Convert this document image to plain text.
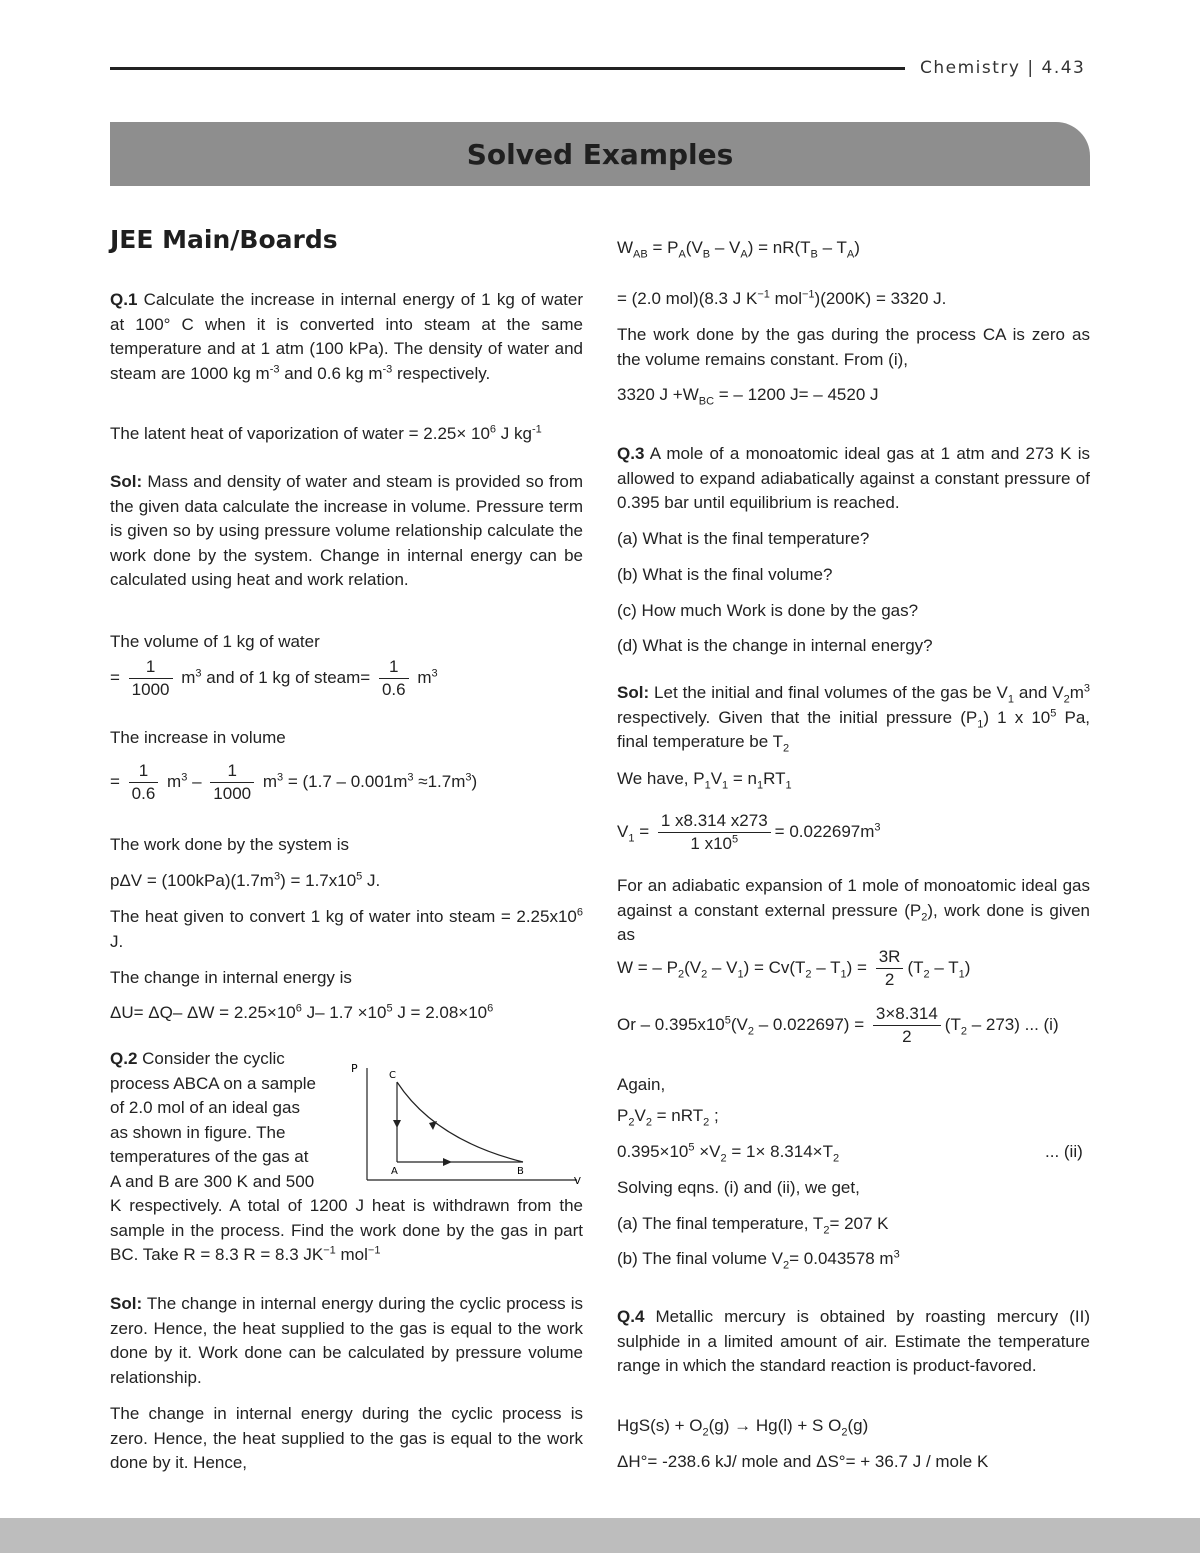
Chemistry | 4.43
Solved Examples
JEE Main/Boards
Q.1 Calculate the increase in internal energy of 1 kg of water at 100° C when it is converted into steam at the same temperature and at 1 atm (100 kPa). The density of water and steam are 1000 kg $m^{-3}$ and 0.6 kg $m^{-3}$ respectively.
The latent heat of vaporization of water = $2.25\times 10^6$ J $kg^{-1}$
Sol: Mass and density of water and steam is provided so from the given data calculate the increase in volume. Pressure term is given so by using pressure volume relationship calculate the work done by the system. Change in internal energy can be calculated using heat and work relation.
The volume of 1 kg of water
= $\frac{1}{1000} m^3$ and of 1 kg of steam= $\frac{1}{0.6} m^3$
The increase in volume
= $\frac{1}{0.6} m^3 - \frac{1}{1000} m^3 = (1.7 - 0.001m^3 \approx 1.7m^3)$
The work done by the system is
$p\Delta V = (100kPa)(1.7m^3) = 1.7x10^5$ J.
The heat given to convert 1 kg of water into steam = $2.25x10^6$ J.
The change in internal energy is
ΔU= ΔQ– $\Delta W = 2.25\times 10^6$ J– $1.7 \times 10^5$ $J = 2.08\times 10^6$
Q.2 Consider the cyclic
process ABCA on a sample
of 2.0 mol of an ideal gas
as shown in figure. The
temperatures of the gas at
A and B are 300 K and 500
K respectively. A total of 1200 J heat is withdrawn from the sample in the process. Find the work done by the gas in part BC. Take R = 8.3 R = 8.3 $JK^{-1}$ mol$^{-1}$
Sol: The change in internal energy during the cyclic process is zero. Hence, the heat supplied to the gas is equal to the work done by it. Work done can be calculated by pressure volume relationship.
The change in internal energy during the cyclic process is zero. Hence, the heat supplied to the gas is equal to the work done by it. Hence,
P
V
C
A	B
$W_{AB} = P_A(V_B - V_A) = nR(T_B - T_A)$
= (2.0 mol)(8.3 J $K^{-1}$ mol$^{-1}$)(200K) = 3320 J.
The work done by the gas during the process CA is zero as the volume remains constant. From (i),
3320 $J +W_{BC}$ = – 1200 J= – 4520 J
Q.3 A mole of a monoatomic ideal gas at 1 atm and 273 K is allowed to expand adiabatically against a constant pressure of 0.395 bar until equilibrium is reached.
(a) What is the final temperature?
(b) What is the final volume?
(c) How much Work is done by the gas?
(d) What is the change in internal energy?
Sol: Let the initial and final volumes of the gas be $V_1$ and $V_2m^3$ respectively. Given that the initial pressure $(P_1)$ 1 x $10^5$ Pa, final temperature be $T_2$
We have, $P_1V_1 = n_1RT_1$
$V_1 = \frac{1 x8.314 x273}{1 x10^5} = 0.022697m^3$
For an adiabatic expansion of 1 mole of monoatomic ideal gas against a constant external pressure $(P_2)$, work done is given as
W = – $P_2(V_2 - V_1) = Cv(T_2 - T_1) = \frac{3R}{2} (T_2 - T_1)$
$Or - 0.395x10^5(V_2 - 0.022697) = \frac{3\times 8.314}{2} (T_2 - 273)$ ... (i)
Again,
$P_2V_2 = nRT_2$ ;
$0.395\times 10^5 \times V_2 = 1\times 8.314\times T_2$	... (ii)
Solving eqns. (i) and (ii), we get,
(a) The final temperature, $T_2= 207$ K
(b) The final volume $V_2= 0.043578$ $m^3$
Q.4 Metallic mercury is obtained by roasting mercury (II) sulphide in a limited amount of air. Estimate the temperature range in which the standard reaction is product-favored.
$HgS(s) + O_2(g) \to Hg(l) + S$ $O_2(g)$
ΔH°= -238.6 kJ/ mole and ΔS°= + 36.7 J / mole K
